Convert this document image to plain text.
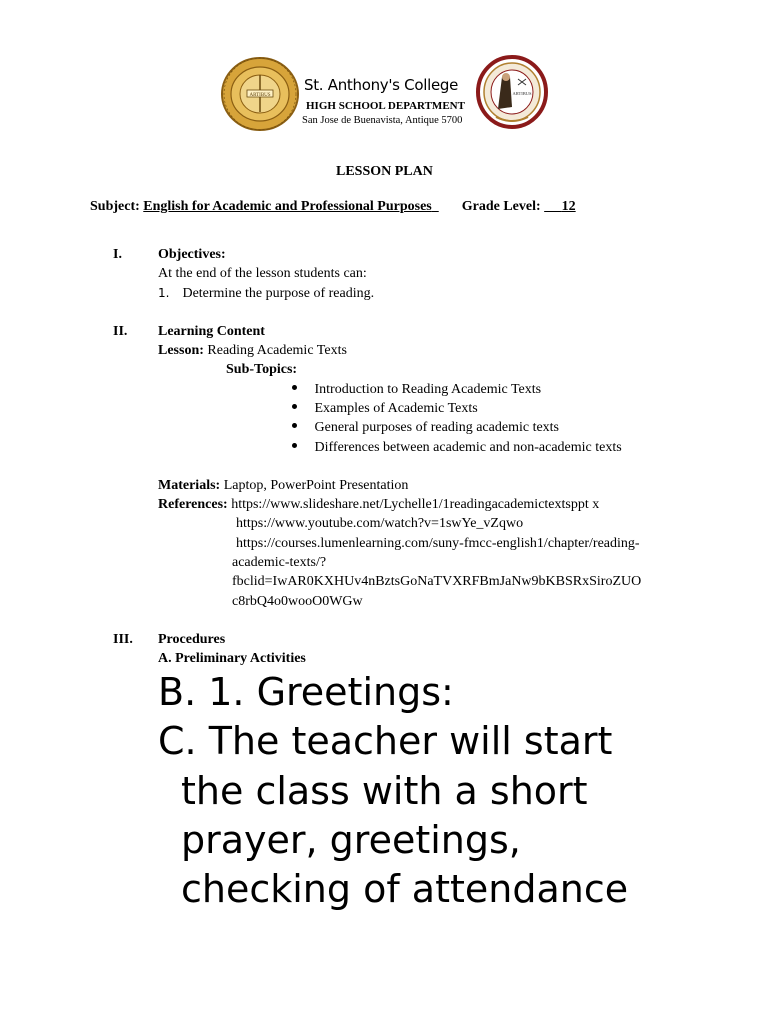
ARTIBUS
St. Anthony's College
HIGH SCHOOL DEPARTMENT
San Jose de Buenavista, Antique 5700
ARTIBUS
LESSON PLAN
Subject: English for Academic and Professional Purposes Grade Level: 12
I.	Objectives:
At the end of the lesson students can:
1. Determine the purpose of reading.
II. Learning Content
Lesson: Reading Academic Texts
Sub-Topics:
Introduction to Reading Academic Texts
Examples of Academic Texts
General purposes of reading academic texts
Differences between academic and non-academic texts
Materials: Laptop, PowerPoint Presentation
References: https://www.slideshare.net/Lychelle1/1readingacademictextsppt x
https://www.youtube.com/watch?v=1swYe_vZqwo
https://courses.lumenlearning.com/suny-fmcc-english1/chapter/reading-
academic-texts/?
fbclid=IwAR0KXHUv4nBztsGoNaTVXRFBmJaNw9bKBSRxSiroZUO
c8rbQ4o0wooO0WGw
III. Procedures
A. Preliminary Activities
B. 1. Greetings:
C. The teacher will start
the class with a short
prayer, greetings,
checking of attendance
